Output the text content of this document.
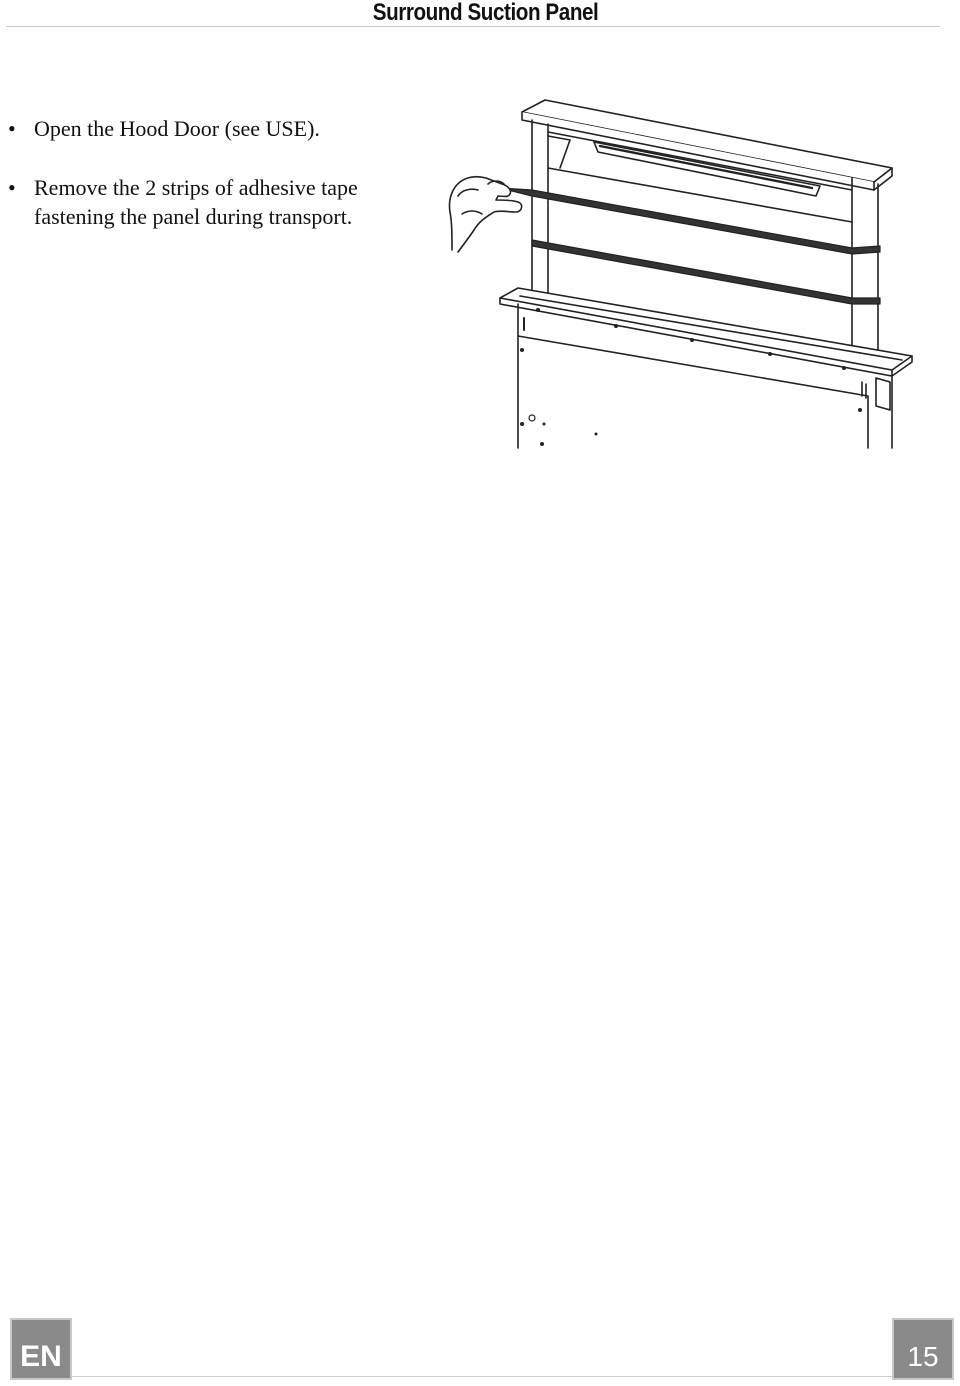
Surround Suction Panel
• Open the Hood Door (see USE).
• Remove the 2 strips of adhesive tape fastening the panel during transport.
EN	15
